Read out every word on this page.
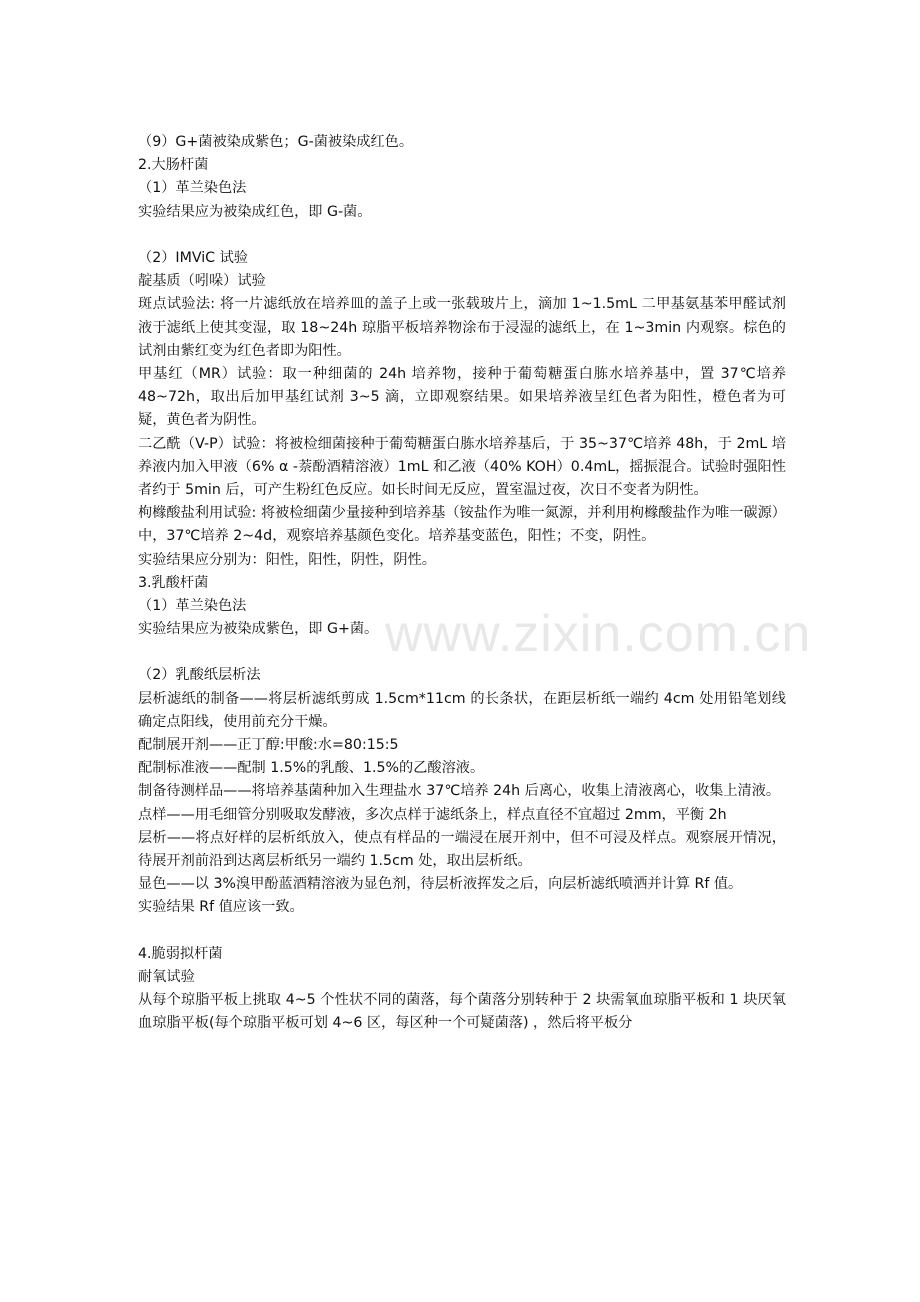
（9）G+菌被染成紫色；G-菌被染成红色。

2.大肠杆菌

（1）革兰染色法

实验结果应为被染成红色，即 G-菌。

（2）IMViC 试验

靛基质（吲哚）试验

斑点试验法: 将一片滤纸放在培养皿的盖子上或一张载玻片上，滴加 1~1.5mL 二甲基氨基苯甲醛试剂液于滤纸上使其变湿，取 18~24h 琼脂平板培养物涂布于浸湿的滤纸上，在 1~3min 内观察。棕色的试剂由紫红变为红色者即为阳性。

甲基红（MR）试验：取一种细菌的 24h 培养物，接种于葡萄糖蛋白胨水培养基中，置 37℃培养 48~72h，取出后加甲基红试剂 3~5 滴，立即观察结果。如果培养液呈红色者为阳性，橙色者为可疑，黄色者为阴性。

二乙酰（V-P）试验：将被检细菌接种于葡萄糖蛋白胨水培养基后，于 35~37℃培养 48h，于 2mL 培养液内加入甲液（6% α -萘酚酒精溶液）1mL 和乙液（40% KOH）0.4mL，摇振混合。试验时强阳性者约于 5min 后，可产生粉红色反应。如长时间无反应，置室温过夜，次日不变者为阴性。

枸橼酸盐利用试验: 将被检细菌少量接种到培养基（铵盐作为唯一氮源，并利用枸橼酸盐作为唯一碳源）中，37℃培养 2~4d，观察培养基颜色变化。培养基变蓝色，阳性；不变，阴性。

实验结果应分别为：阳性，阳性，阴性，阴性。

3.乳酸杆菌

（1）革兰染色法

实验结果应为被染成紫色，即 G+菌。

（2）乳酸纸层析法

层析滤纸的制备——将层析滤纸剪成 1.5cm*11cm 的长条状，在距层析纸一端约 4cm 处用铅笔划线确定点阳线，使用前充分干燥。

配制展开剂——正丁醇:甲酸:水=80:15:5

配制标准液——配制 1.5%的乳酸、1.5%的乙酸溶液。

制备待测样品——将培养基菌种加入生理盐水 37℃培养 24h 后离心，收集上清液离心，收集上清液。

点样——用毛细管分别吸取发酵液，多次点样于滤纸条上，样点直径不宜超过 2mm，平衡 2h

层析——将点好样的层析纸放入，使点有样品的一端浸在展开剂中，但不可浸及样点。观察展开情况，待展开剂前沿到达离层析纸另一端约 1.5cm 处，取出层析纸。

显色——以 3%溴甲酚蓝酒精溶液为显色剂，待层析液挥发之后，向层析滤纸喷洒并计算 Rf 值。

实验结果 Rf 值应该一致。

4.脆弱拟杆菌

耐氧试验

从每个琼脂平板上挑取 4~5 个性状不同的菌落，每个菌落分别转种于 2 块需氧血琼脂平板和 1 块厌氧血琼脂平板(每个琼脂平板可划 4~6 区，每区种一个可疑菌落) ，然后将平板分

www.zixin.com.cn
